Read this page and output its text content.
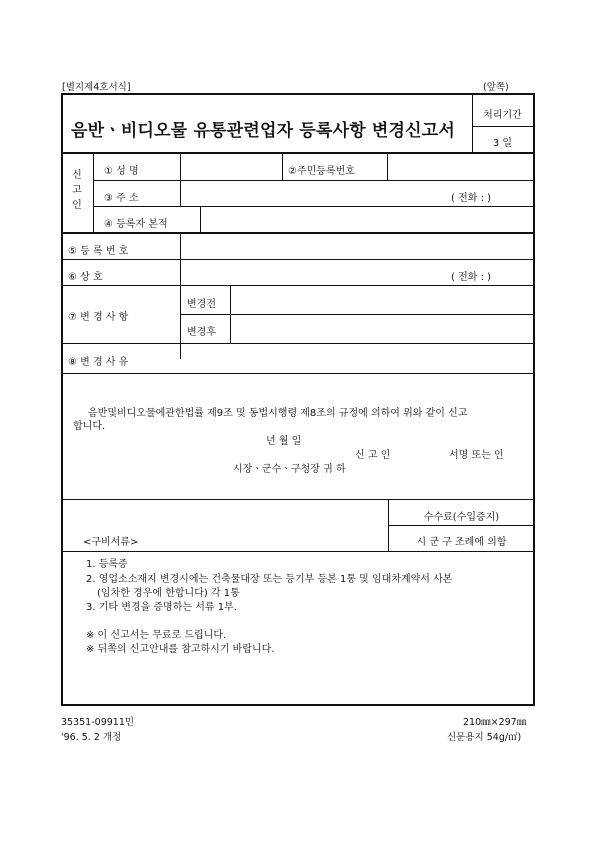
[별지제4호서식]	(앞쪽)
음반ㆍ비디오물 유통관련업자 등록사항 변경신고서
처리기간
3 일
신
고
인
① 성 명	②주민등록번호
③ 주 소	( 전화 : )
④ 등록자 본적
⑤ 등 록 번 호
⑥ 상 호	( 전화 : )
⑦ 변 경 사 항
변경전
변경후
⑧ 변 경 사 유
음반및비디오물에관한법률 제9조 및 동법시행령 제8조의 규정에 의하여 위와 같이 신고
합니다.
년 월 일
신 고 인	서명 또는 인
시장ㆍ군수ㆍ구청장 귀 하
<구비서류>
수수료(수입증지)
시 군 구 조례에 의함
1. 등록증
2. 영업소소재지 변경시에는 건축물대장 또는 등기부 등본 1통 및 임대차계약서 사본
(임차한 경우에 한합니다) 각 1통
3. 기타 변경을 증명하는 서류 1부.
※ 이 신고서는 무료로 드립니다.
※ 뒤쪽의 신고안내를 참고하시기 바랍니다.
35351-09911민
'96. 5. 2 개정
210㎜×297㎜
신문용지 54g/㎡)
